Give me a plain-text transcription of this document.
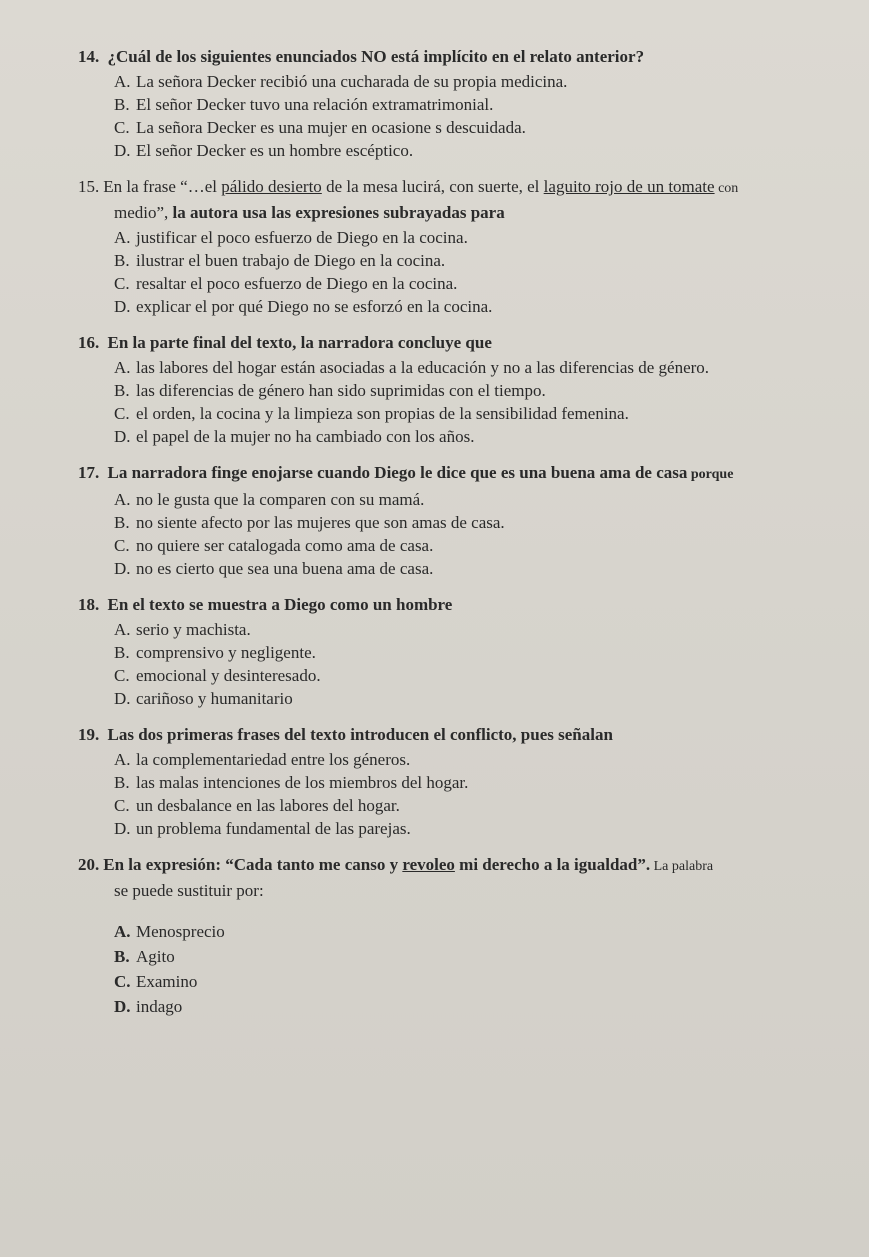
14. ¿Cuál de los siguientes enunciados NO está implícito en el relato anterior?

A. La señora Decker recibió una cucharada de su propia medicina.
B. El señor Decker tuvo una relación extramatrimonial.
C. La señora Decker es una mujer en ocasione s descuidada.
D. El señor Decker es un hombre escéptico.

15. En la frase “…el pálido desierto de la mesa lucirá, con suerte, el laguito rojo de un tomate con

medio”, la autora usa las expresiones subrayadas para

A. justificar el poco esfuerzo de Diego en la cocina.
B. ilustrar el buen trabajo de Diego en la cocina.
C. resaltar el poco esfuerzo de Diego en la cocina.
D. explicar el por qué Diego no se esforzó en la cocina.

16. En la parte final del texto, la narradora concluye que

A. las labores del hogar están asociadas a la educación y no a las diferencias de género.
B. las diferencias de género han sido suprimidas con el tiempo.
C. el orden, la cocina y la limpieza son propias de la sensibilidad femenina.
D. el papel de la mujer no ha cambiado con los años.

17. La narradora finge enojarse cuando Diego le dice que es una buena ama de casa porque

A. no le gusta que la comparen con su mamá.
B. no siente afecto por las mujeres que son amas de casa.
C. no quiere ser catalogada como ama de casa.
D. no es cierto que sea una buena ama de casa.

18. En el texto se muestra a Diego como un hombre

A. serio y machista.
B. comprensivo y negligente.
C. emocional y desinteresado.
D. cariñoso y humanitario

19. Las dos primeras frases del texto introducen el conflicto, pues señalan

A. la complementariedad entre los géneros.
B. las malas intenciones de los miembros del hogar.
C. un desbalance en las labores del hogar.
D. un problema fundamental de las parejas.

20. En la expresión: “Cada tanto me canso y revoleo mi derecho a la igualdad”. La palabra

se puede sustituir por:

A. Menosprecio
B. Agito
C. Examino
D. indago
